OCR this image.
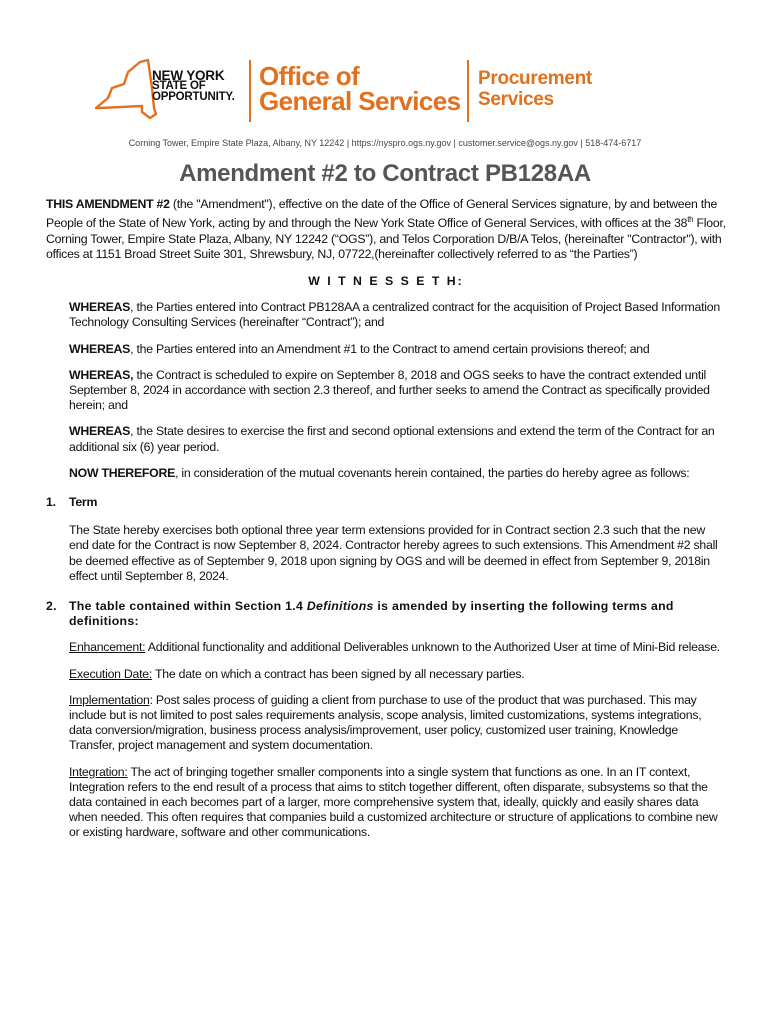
NEW YORK
STATE OF
OPPORTUNITY.
Office of
General Services
Procurement
Services
Corning Tower, Empire State Plaza, Albany, NY 12242 | https://nyspro.ogs.ny.gov | customer.service@ogs.ny.gov | 518-474-6717
Amendment #2 to Contract PB128AA

THIS AMENDMENT #2 (the "Amendment"), effective on the date of the Office of General Services signature, by and between the People of the State of New York, acting by and through the New York State Office of General Services, with offices at the 38th Floor, Corning Tower, Empire State Plaza, Albany, NY 12242 (“OGS”), and Telos Corporation D/B/A Telos, (hereinafter "Contractor"), with offices at 1151 Broad Street Suite 301, Shrewsbury, NJ, 07722,(hereinafter collectively referred to as “the Parties”)

W I T N E S S E T H:

WHEREAS, the Parties entered into Contract PB128AA a centralized contract for the acquisition of Project Based Information Technology Consulting Services (hereinafter “Contract”); and

WHEREAS, the Parties entered into an Amendment #1 to the Contract to amend certain provisions thereof; and

WHEREAS, the Contract is scheduled to expire on September 8, 2018 and OGS seeks to have the contract extended until September 8, 2024 in accordance with section 2.3 thereof, and further seeks to amend the Contract as specifically provided herein; and

WHEREAS, the State desires to exercise the first and second optional extensions and extend the term of the Contract for an additional six (6) year period.

NOW THEREFORE, in consideration of the mutual covenants herein contained, the parties do hereby agree as follows:

1.	Term

The State hereby exercises both optional three year term extensions provided for in Contract section 2.3 such that the new end date for the Contract is now September 8, 2024. Contractor hereby agrees to such extensions. This Amendment #2 shall be deemed effective as of September 9, 2018 upon signing by OGS and will be deemed in effect from September 9, 2018in effect until September 8, 2024.

2. The table contained within Section 1.4 Definitions is amended by inserting the following terms and definitions:

Enhancement: Additional functionality and additional Deliverables unknown to the Authorized User at time of Mini-Bid release.

Execution Date: The date on which a contract has been signed by all necessary parties.

Implementation: Post sales process of guiding a client from purchase to use of the product that was purchased. This may include but is not limited to post sales requirements analysis, scope analysis, limited customizations, systems integrations, data conversion/migration, business process analysis/improvement, user policy, customized user training, Knowledge Transfer, project management and system documentation.

Integration: The act of bringing together smaller components into a single system that functions as one. In an IT context, Integration refers to the end result of a process that aims to stitch together different, often disparate, subsystems so that the data contained in each becomes part of a larger, more comprehensive system that, ideally, quickly and easily shares data when needed. This often requires that companies build a customized architecture or structure of applications to combine new or existing hardware, software and other communications.
